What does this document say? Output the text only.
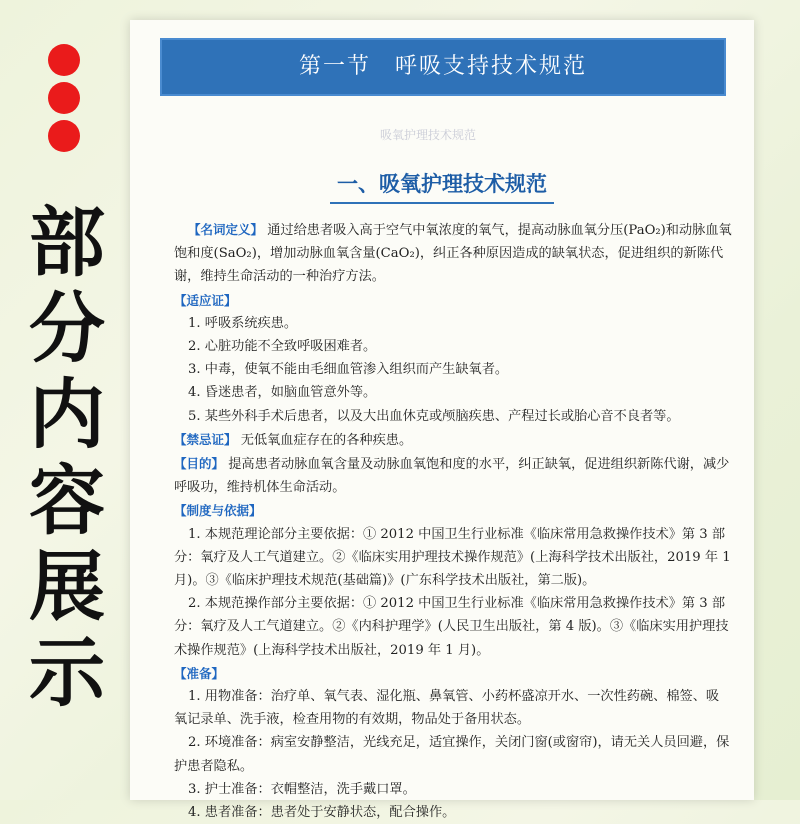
部
分
内
容
展
示
第一节　呼吸支持技术规范
吸氧护理技术规范
一、吸氧护理技术规范

【名词定义】 通过给患者吸入高于空气中氧浓度的氧气，提高动脉血氧分压(PaO₂)和动脉血氧饱和度(SaO₂)，增加动脉血氧含量(CaO₂)，纠正各种原因造成的缺氧状态，促进组织的新陈代谢，维持生命活动的一种治疗方法。

【适应证】

1. 呼吸系统疾患。

2. 心脏功能不全致呼吸困难者。

3. 中毒，使氧不能由毛细血管渗入组织而产生缺氧者。

4. 昏迷患者，如脑血管意外等。

5. 某些外科手术后患者，以及大出血休克或颅脑疾患、产程过长或胎心音不良者等。

【禁忌证】 无低氧血症存在的各种疾患。

【目的】 提高患者动脉血氧含量及动脉血氧饱和度的水平，纠正缺氧，促进组织新陈代谢，减少呼吸功，维持机体生命活动。

【制度与依据】

1. 本规范理论部分主要依据：① 2012 中国卫生行业标准《临床常用急救操作技术》第 3 部分：氧疗及人工气道建立。②《临床实用护理技术操作规范》(上海科学技术出版社，2019 年 1 月)。③《临床护理技术规范(基础篇)》(广东科学技术出版社，第二版)。

2. 本规范操作部分主要依据：① 2012 中国卫生行业标准《临床常用急救操作技术》第 3 部分：氧疗及人工气道建立。②《内科护理学》(人民卫生出版社，第 4 版)。③《临床实用护理技术操作规范》(上海科学技术出版社，2019 年 1 月)。

【准备】

1. 用物准备：治疗单、氧气表、湿化瓶、鼻氧管、小药杯盛凉开水、一次性药碗、棉签、吸氧记录单、洗手液，检查用物的有效期，物品处于备用状态。

2. 环境准备：病室安静整洁，光线充足，适宜操作，关闭门窗(或窗帘)，请无关人员回避，保护患者隐私。

3. 护士准备：衣帽整洁，洗手戴口罩。

4. 患者准备：患者处于安静状态，配合操作。
